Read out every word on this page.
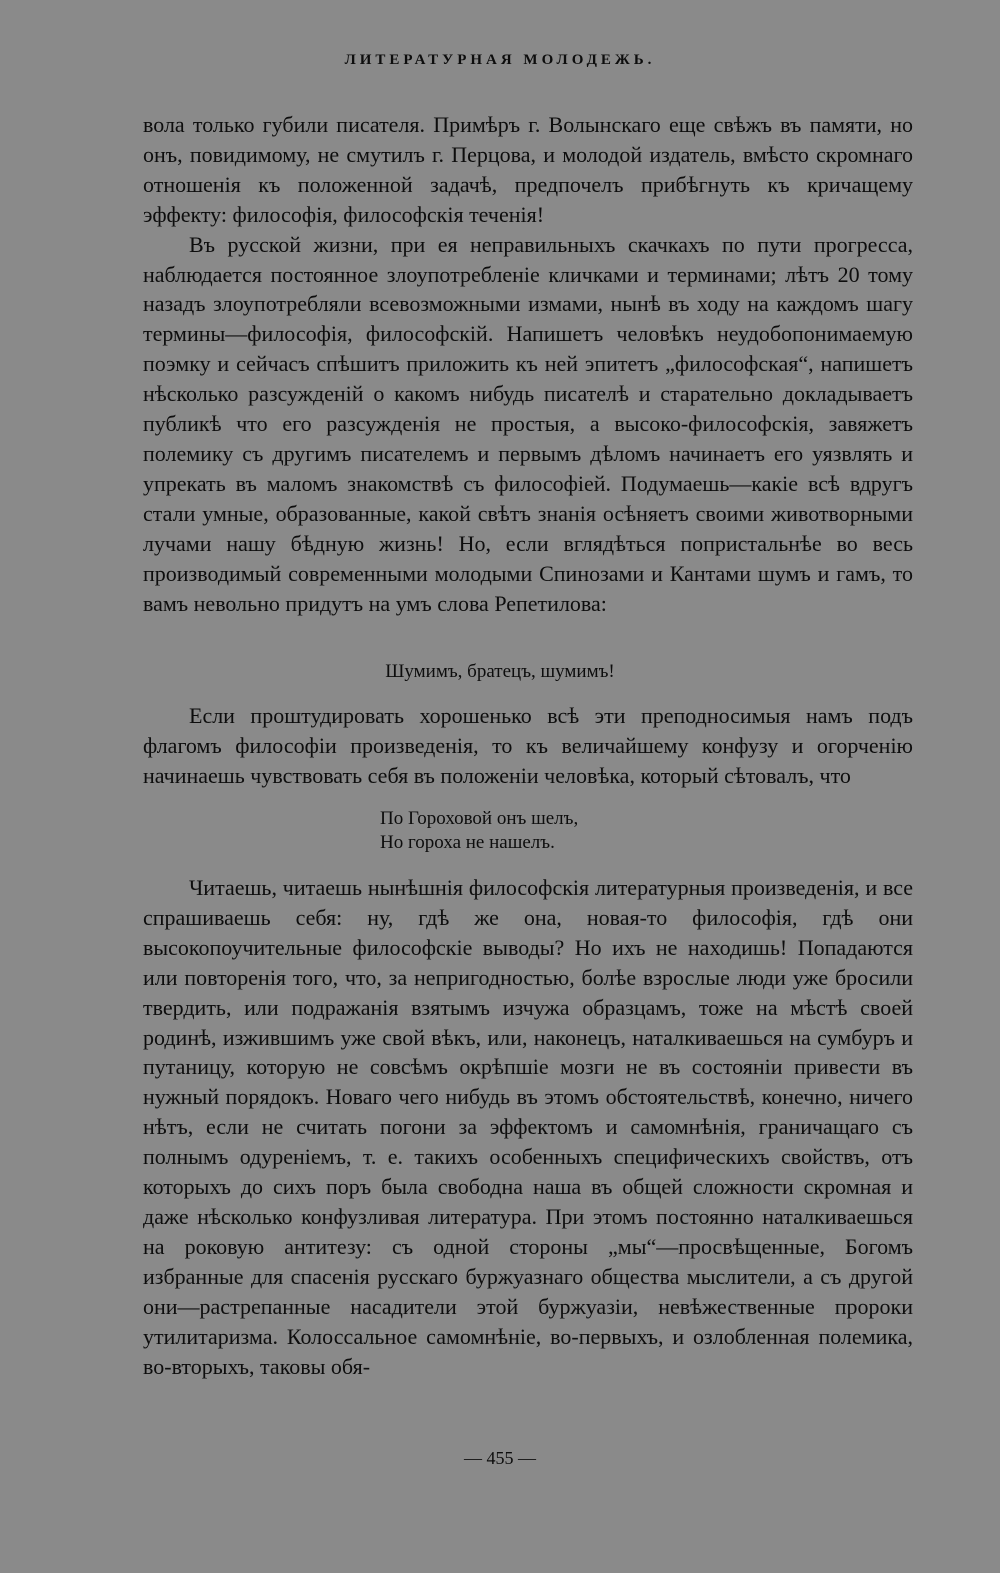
ЛИТЕРАТУРНАЯ МОЛОДЕЖЬ.

вола только губили писателя. Примѣръ г. Волынскаго еще свѣжъ въ памяти, но онъ, повидимому, не смутилъ г. Перцова, и молодой издатель, вмѣсто скромнаго отношенія къ положенной задачѣ, предпочелъ прибѣгнуть къ кричащему эффекту: философія, философскія теченія!

Въ русской жизни, при ея неправильныхъ скачкахъ по пути прогресса, наблюдается постоянное злоупотребленіе кличками и терминами; лѣтъ 20 тому назадъ злоупотребляли всевозможными измами, нынѣ въ ходу на каждомъ шагу термины—философія, философскій. Напишетъ человѣкъ неудобопонимаемую поэмку и сейчасъ спѣшитъ приложить къ ней эпитетъ „философская“, напишетъ нѣсколько разсужденій о какомъ нибудь писателѣ и старательно докладываетъ публикѣ что его разсужденія не простыя, а высоко-философскія, завяжетъ полемику съ другимъ писателемъ и первымъ дѣломъ начинаетъ его уязвлять и упрекать въ маломъ знакомствѣ съ философіей. Подумаешь—какіе всѣ вдругъ стали умные, образованные, какой свѣтъ знанія осѣняетъ своими животворными лучами нашу бѣдную жизнь! Но, если вглядѣться попристальнѣе во весь производимый современными молодыми Спинозами и Кантами шумъ и гамъ, то вамъ невольно придутъ на умъ слова Репетилова:

Шумимъ, братецъ, шумимъ!

Если проштудировать хорошенько всѣ эти преподносимыя намъ подъ флагомъ философіи произведенія, то къ величайшему конфузу и огорченію начинаешь чувствовать себя въ положеніи человѣка, который сѣтовалъ, что

По Гороховой онъ шелъ,
Но гороха не нашелъ.

Читаешь, читаешь нынѣшнія философскія литературныя произведенія, и все спрашиваешь себя: ну, гдѣ же она, новая-то философія, гдѣ они высокопоучительные философскіе выводы? Но ихъ не находишь! Попадаются или повторенія того, что, за непригодностью, болѣе взрослые люди уже бросили твердить, или подражанія взятымъ изчужа образцамъ, тоже на мѣстѣ своей родинѣ, изжившимъ уже свой вѣкъ, или, наконецъ, наталкиваешься на сумбуръ и путаницу, которую не совсѣмъ окрѣпшіе мозги не въ состояніи привести въ нужный порядокъ. Новаго чего нибудь въ этомъ обстоятельствѣ, конечно, ничего нѣтъ, если не считать погони за эффектомъ и самомнѣнія, граничащаго съ полнымъ одуреніемъ, т. е. такихъ особенныхъ специфическихъ свойствъ, отъ которыхъ до сихъ поръ была свободна наша въ общей сложности скромная и даже нѣсколько конфузливая литература. При этомъ постоянно наталкиваешься на роковую антитезу: съ одной стороны „мы“—просвѣщенные, Богомъ избранные для спасенія русскаго буржуазнаго общества мыслители, а съ другой они—растрепанные насадители этой буржуазіи, невѣжественные пророки утилитаризма. Колоссальное самомнѣніе, во-первыхъ, и озлобленная полемика, во-вторыхъ, таковы обя-

— 455 —
